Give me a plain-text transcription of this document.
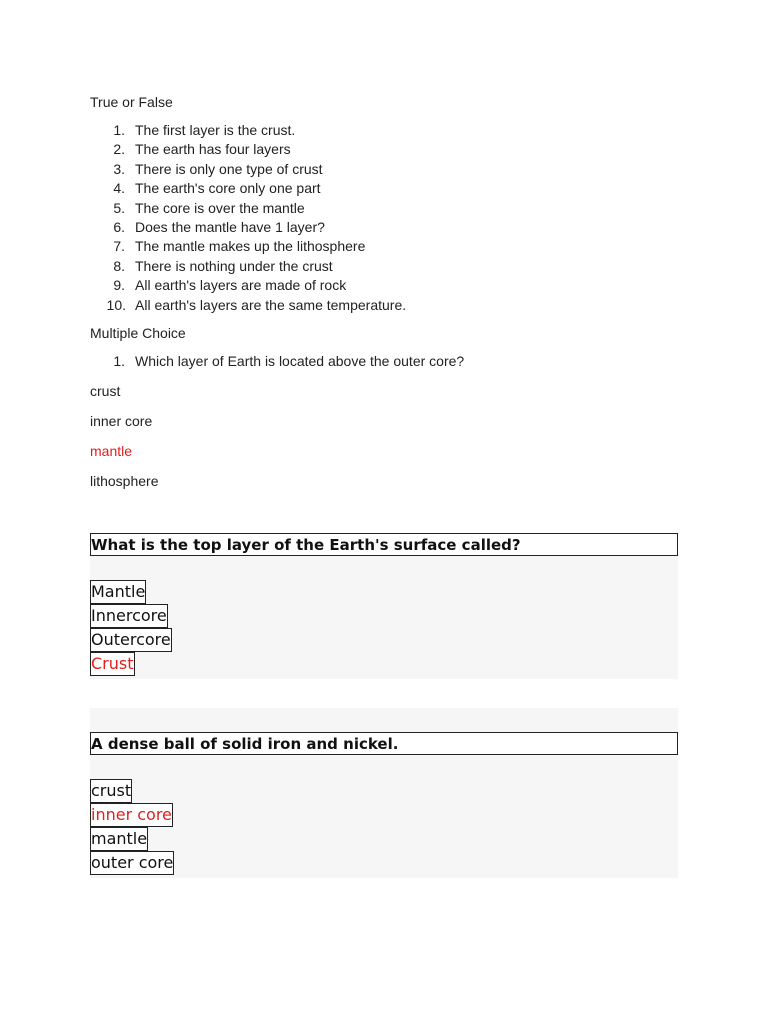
True or False

1. The first layer is the crust.
2. The earth has four layers
3. There is only one type of crust
4. The earth's core only one part
5. The core is over the mantle
6. Does the mantle have 1 layer?
7. The mantle makes up the lithosphere
8. There is nothing under the crust
9. All earth's layers are made of rock
10. All earth's layers are the same temperature.

Multiple Choice

1. Which layer of Earth is located above the outer core?
crust
inner core
mantle
lithosphere
What is the top layer of the Earth's surface called?
Mantle
Innercore
Outercore
Crust
A dense ball of solid iron and nickel.
crust
inner core
mantle
outer core
